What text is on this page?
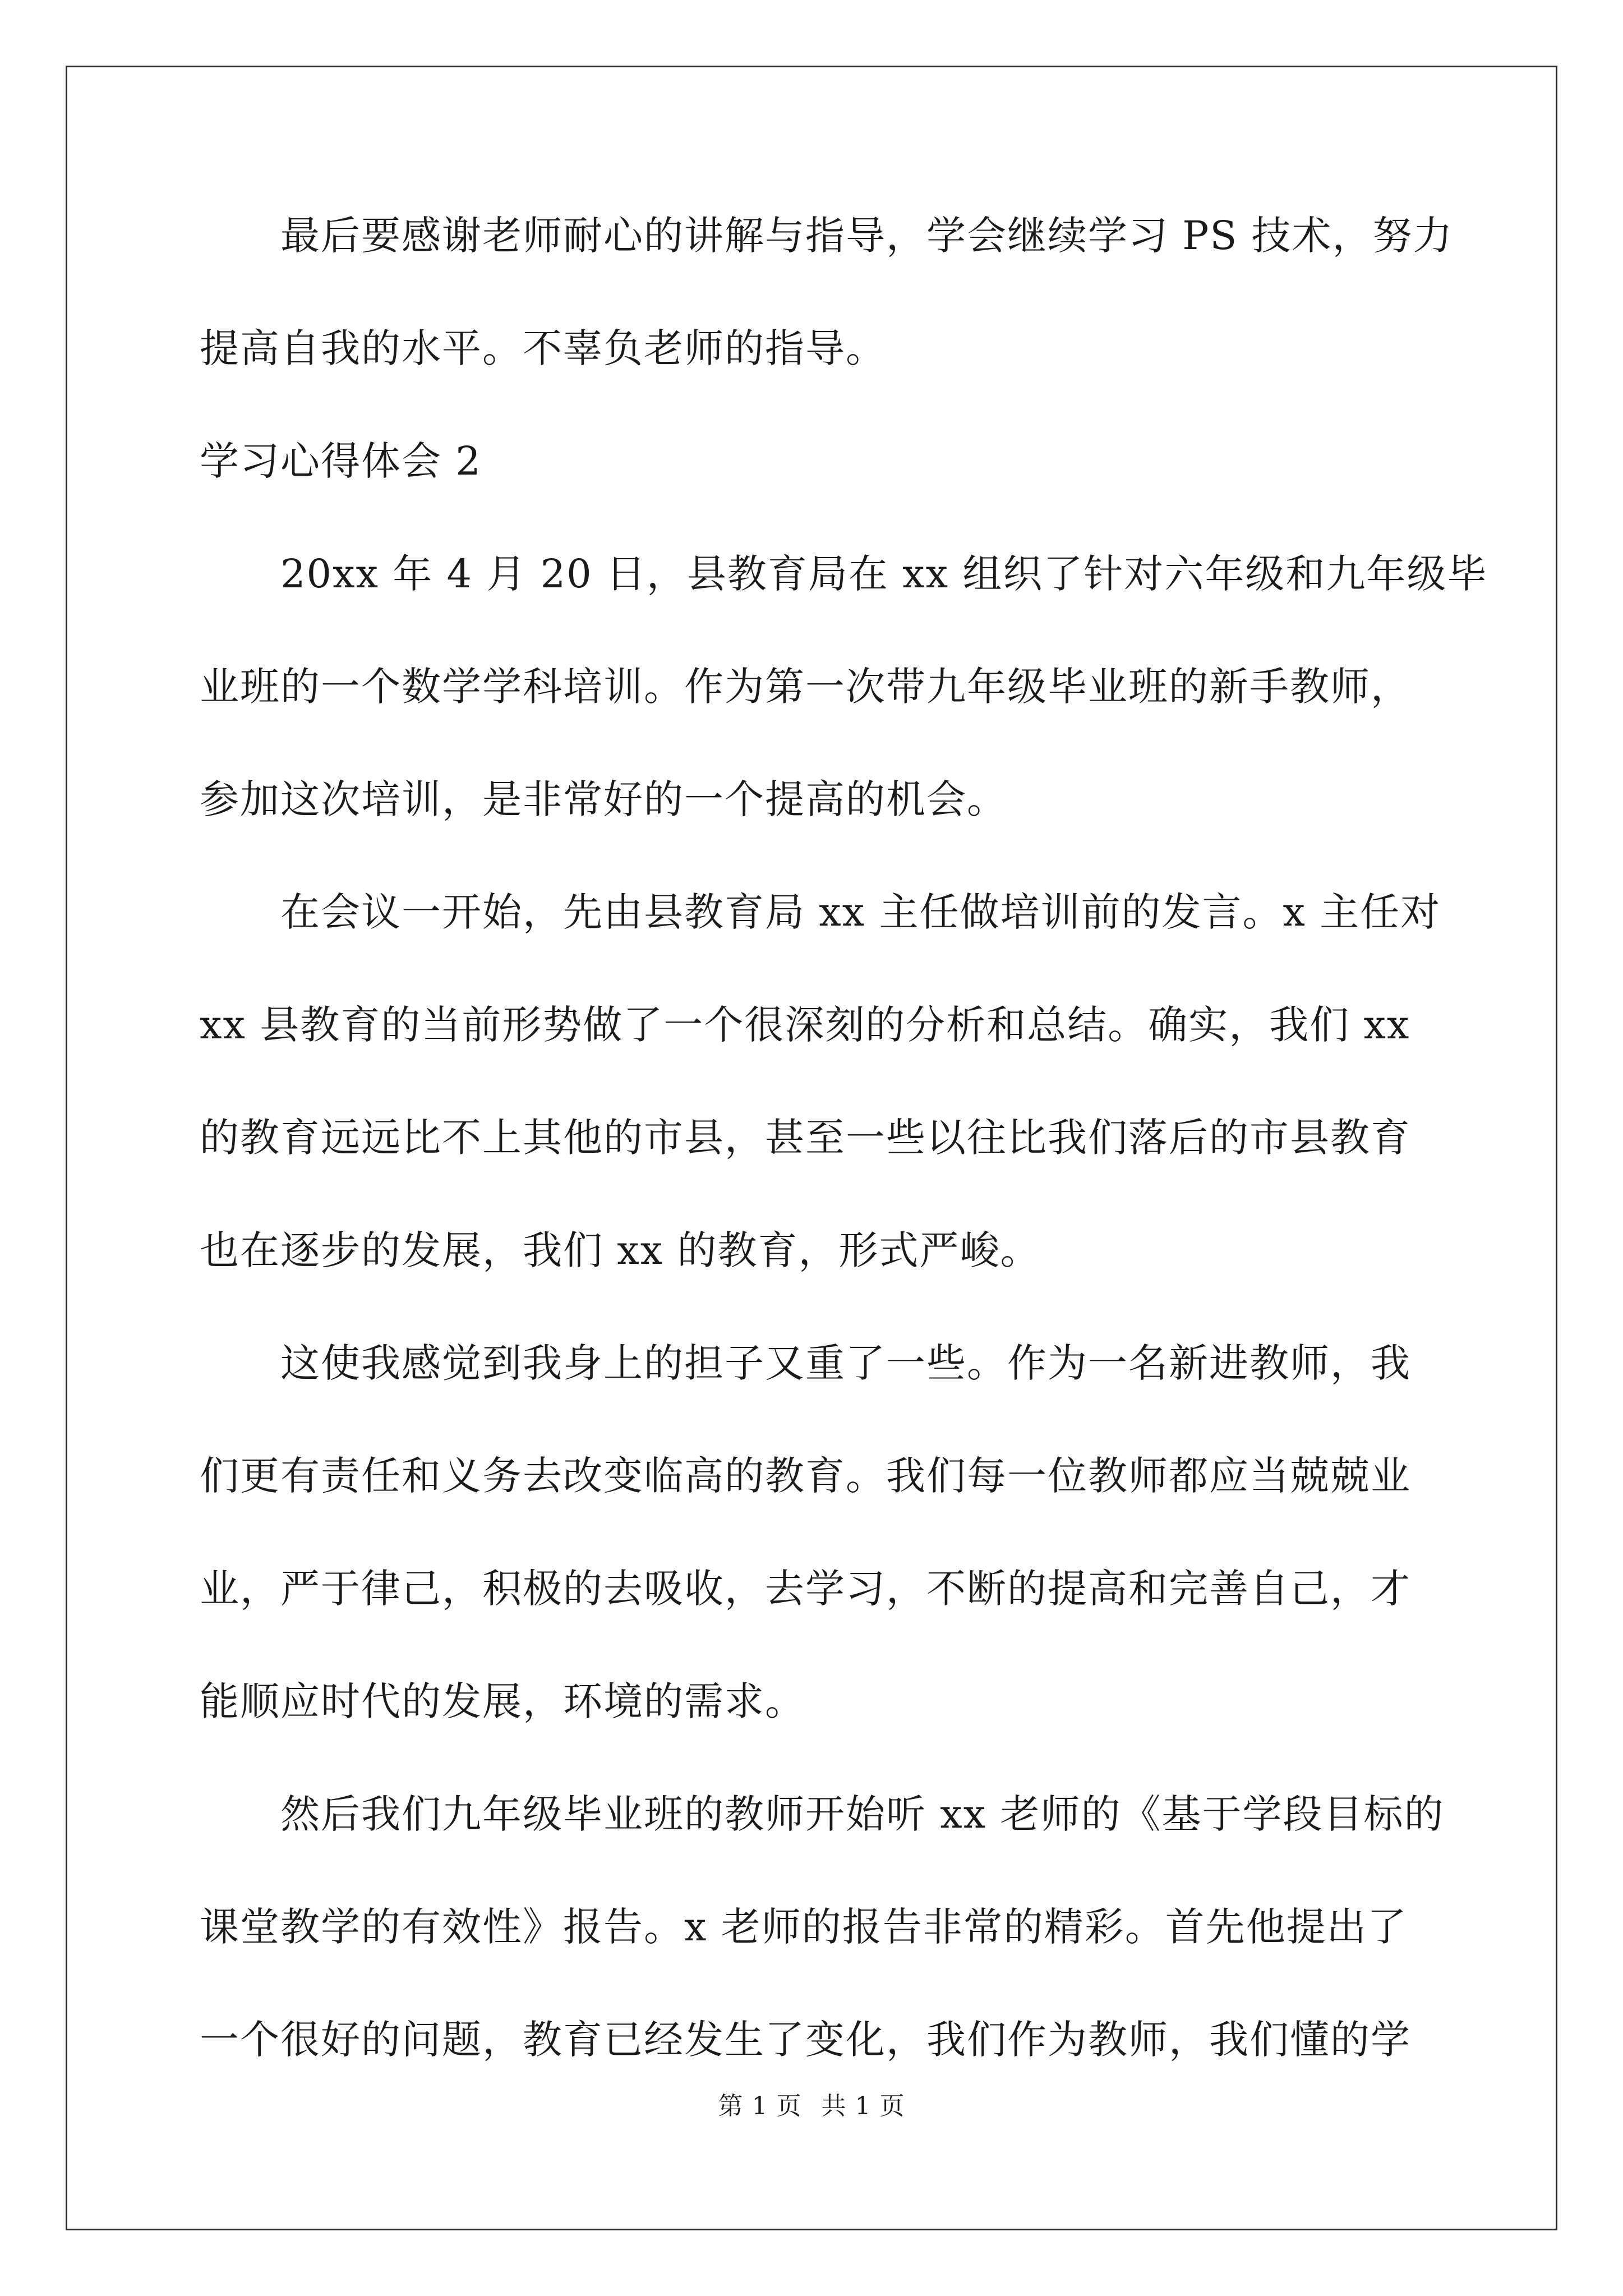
最后要感谢老师耐心的讲解与指导，学会继续学习 PS 技术，努力
提高自我的水平。不辜负老师的指导。
学习心得体会 2
20xx 年 4 月 20 日，县教育局在 xx 组织了针对六年级和九年级毕
业班的一个数学学科培训。作为第一次带九年级毕业班的新手教师，
参加这次培训，是非常好的一个提高的机会。
在会议一开始，先由县教育局 xx 主任做培训前的发言。x 主任对
xx 县教育的当前形势做了一个很深刻的分析和总结。确实，我们 xx
的教育远远比不上其他的市县，甚至一些以往比我们落后的市县教育
也在逐步的发展，我们 xx 的教育，形式严峻。
这使我感觉到我身上的担子又重了一些。作为一名新进教师，我
们更有责任和义务去改变临高的教育。我们每一位教师都应当兢兢业
业，严于律己，积极的去吸收，去学习，不断的提高和完善自己，才
能顺应时代的发展，环境的需求。
然后我们九年级毕业班的教师开始听 xx 老师的《基于学段目标的
课堂教学的有效性》报告。x 老师的报告非常的精彩。首先他提出了
一个很好的问题，教育已经发生了变化，我们作为教师，我们懂的学
第 1 页 共 1 页
